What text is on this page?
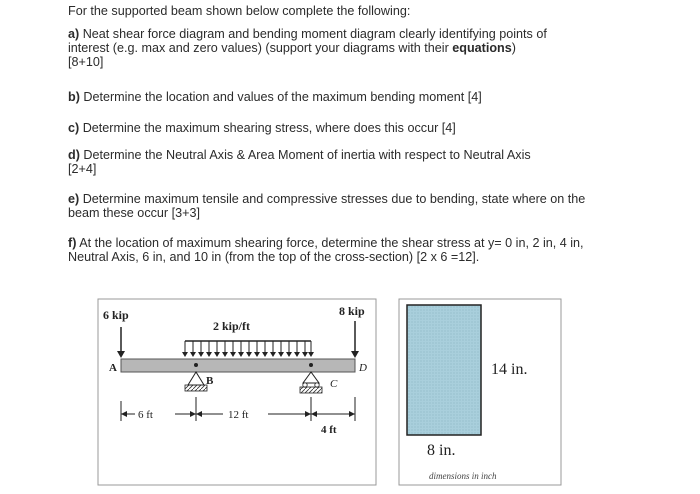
For the supported beam shown below complete the following:
a) Neat shear force diagram and bending moment diagram clearly identifying points of interest (e.g. max and zero values) (support your diagrams with their equations)
[8+10]
b) Determine the location and values of the maximum bending moment [4]
c) Determine the maximum shearing stress, where does this occur [4]
d) Determine the Neutral Axis & Area Moment of inertia with respect to Neutral Axis
[2+4]
e) Determine maximum tensile and compressive stresses due to bending, state where on the beam these occur [3+3]
f) At the location of maximum shearing force, determine the shear stress at y= 0 in, 2 in, 4 in, Neutral Axis, 6 in, and 10 in (from the top of the cross-section) [2 x 6 =12].
2 kip/ft
6 kip	8 kip
A	D
B	C
6 ft	12 ft
4 ft
14 in.
8 in.
dimensions in inch
